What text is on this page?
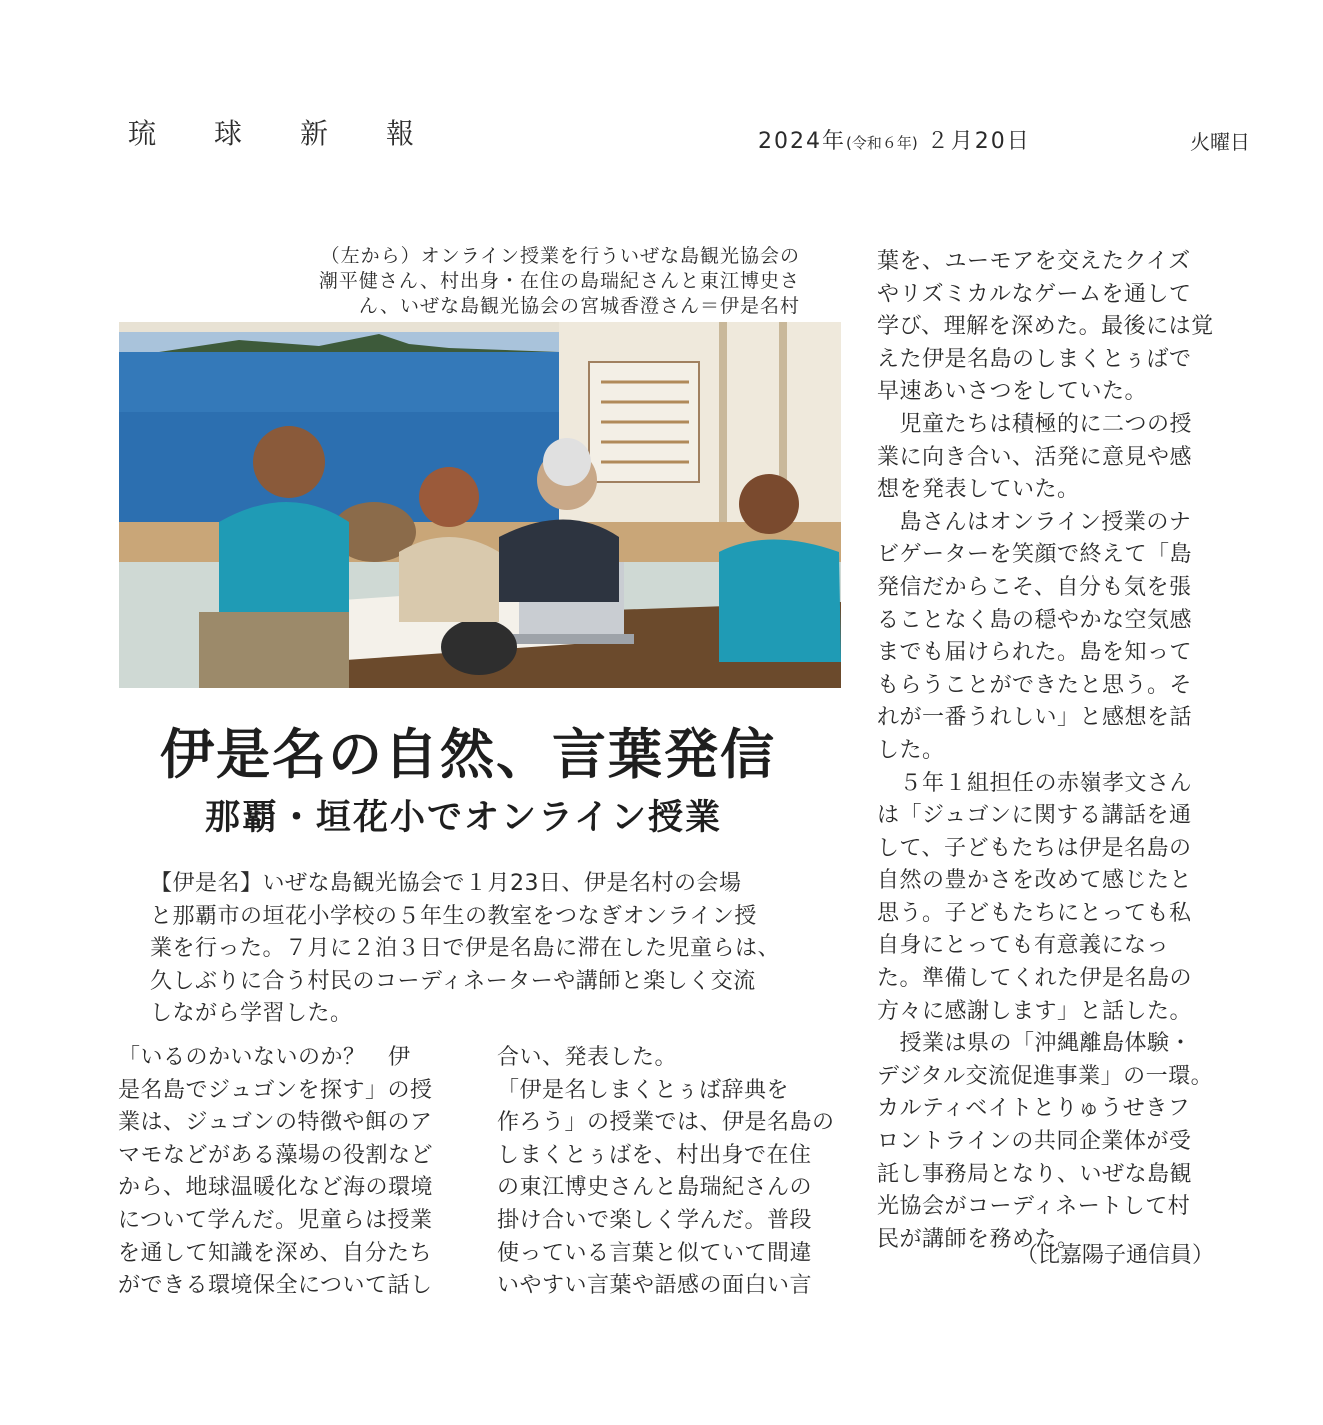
琉球新報	2024年(令和６年) ２月20日	火曜日
（左から）オンライン授業を行ういぜな島観光協会の
潮平健さん、村出身・在住の島瑞紀さんと東江博史さ
ん、いぜな島観光協会の宮城香澄さん＝伊是名村
伊是名の自然、言葉発信
那覇・垣花小でオンライン授業
【伊是名】いぜな島観光協会で１月23日、伊是名村の会場
と那覇市の垣花小学校の５年生の教室をつなぎオンライン授
業を行った。７月に２泊３日で伊是名島に滞在した児童らは、
久しぶりに合う村民のコーディネーターや講師と楽しく交流
しながら学習した。
「いるのかいないのか？　伊
是名島でジュゴンを探す」の授
業は、ジュゴンの特徴や餌のア
マモなどがある藻場の役割など
から、地球温暖化など海の環境
について学んだ。児童らは授業
を通して知識を深め、自分たち
ができる環境保全について話し
合い、発表した。
「伊是名しまくとぅば辞典を
作ろう」の授業では、伊是名島の
しまくとぅばを、村出身で在住
の東江博史さんと島瑞紀さんの
掛け合いで楽しく学んだ。普段
使っている言葉と似ていて間違
いやすい言葉や語感の面白い言
葉を、ユーモアを交えたクイズ
やリズミカルなゲームを通して
学び、理解を深めた。最後には覚
えた伊是名島のしまくとぅばで
早速あいさつをしていた。
　児童たちは積極的に二つの授
業に向き合い、活発に意見や感
想を発表していた。
　島さんはオンライン授業のナ
ビゲーターを笑顔で終えて「島
発信だからこそ、自分も気を張
ることなく島の穏やかな空気感
までも届けられた。島を知って
もらうことができたと思う。そ
れが一番うれしい」と感想を話
した。
　５年１組担任の赤嶺孝文さん
は「ジュゴンに関する講話を通
して、子どもたちは伊是名島の
自然の豊かさを改めて感じたと
思う。子どもたちにとっても私
自身にとっても有意義になっ
た。準備してくれた伊是名島の
方々に感謝します」と話した。
　授業は県の「沖縄離島体験・
デジタル交流促進事業」の一環。
カルティベイトとりゅうせきフ
ロントラインの共同企業体が受
託し事務局となり、いぜな島観
光協会がコーディネートして村
民が講師を務めた。
（比嘉陽子通信員）
